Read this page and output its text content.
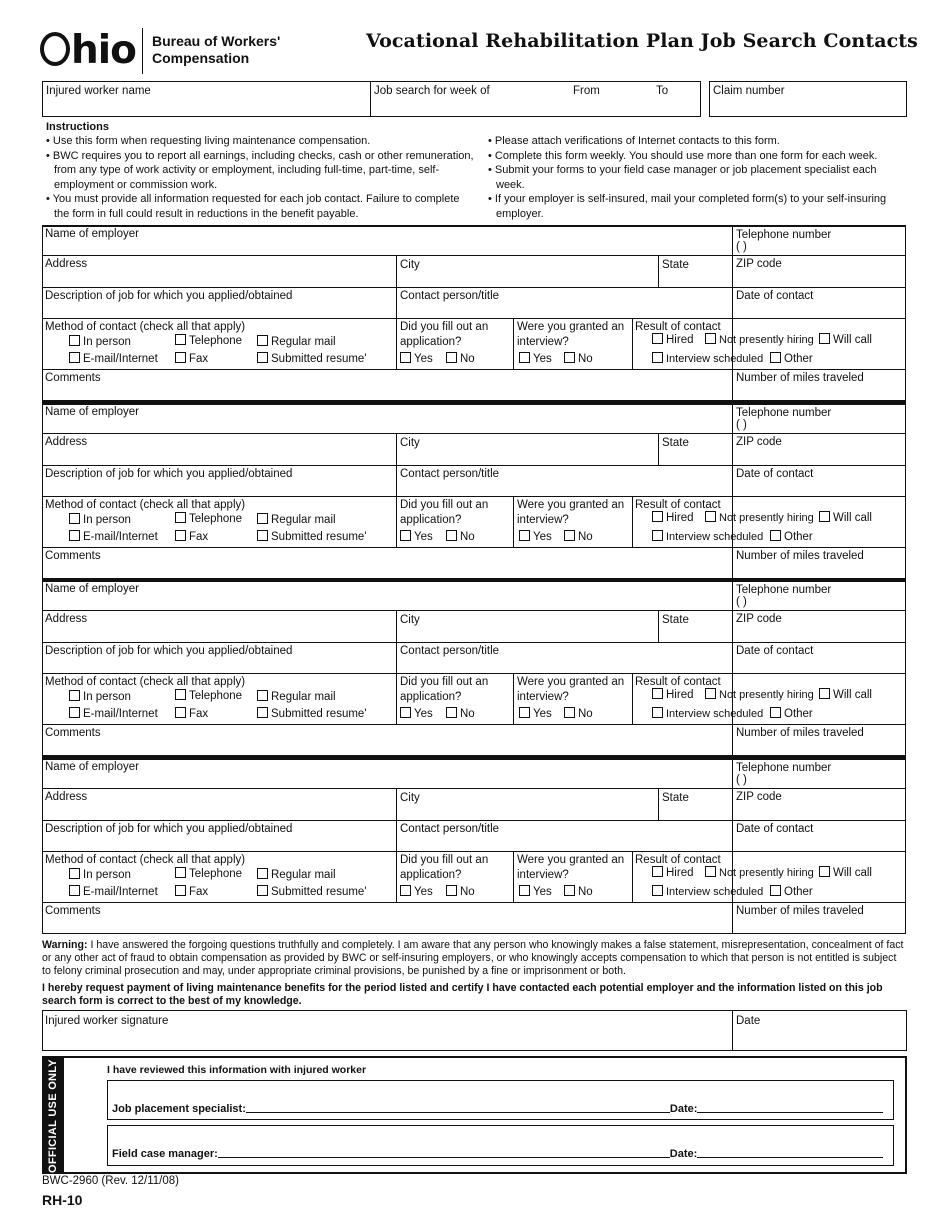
hio Bureau of Workers'
Compensation
Vocational Rehabilitation Plan Job Search Contacts
Injured worker name	Job search for week of	From	To	Claim number
Instructions
• Use this form when requesting living maintenance compensation.
• BWC requires you to report all earnings, including checks, cash or other remuneration, from any type of work activity or employment, including full-time, part-time, self-employment or commission work.
• You must provide all information requested for each job contact. Failure to complete the form in full could result in reductions in the benefit payable.
• Please attach verifications of Internet contacts to this form.
• Complete this form weekly. You should use more than one form for each week.
• Submit your forms to your field case manager or job placement specialist each week.
• If your employer is self-insured, mail your completed form(s) to your self-insuring employer.
Name of employer	Telephone number
( )
Address	City	State	ZIP code
Description of job for which you applied/obtained	Contact person/title	Date of contact
Method of contact (check all that apply)
In person	Telephone	Regular mail
E-mail/Internet	Fax	Submitted resume'
Did you fill out an
application?
Yes	No
Were you granted an
interview?
Yes	No
Result of contact
Hired	Not presently hiring	Will call
Interview scheduled	Other
Comments	Number of miles traveled
Name of employer	Telephone number
( )
Address	City	State	ZIP code
Description of job for which you applied/obtained	Contact person/title	Date of contact
Method of contact (check all that apply)
In person	Telephone	Regular mail
E-mail/Internet	Fax	Submitted resume'
Did you fill out an
application?
Yes	No
Were you granted an
interview?
Yes	No
Result of contact
Hired	Not presently hiring	Will call
Interview scheduled	Other
Comments	Number of miles traveled
Name of employer	Telephone number
( )
Address	City	State	ZIP code
Description of job for which you applied/obtained	Contact person/title	Date of contact
Method of contact (check all that apply)
In person	Telephone	Regular mail
E-mail/Internet	Fax	Submitted resume'
Did you fill out an
application?
Yes	No
Were you granted an
interview?
Yes	No
Result of contact
Hired	Not presently hiring	Will call
Interview scheduled	Other
Comments	Number of miles traveled
Name of employer	Telephone number
( )
Address	City	State	ZIP code
Description of job for which you applied/obtained	Contact person/title	Date of contact
Method of contact (check all that apply)
In person	Telephone	Regular mail
E-mail/Internet	Fax	Submitted resume'
Did you fill out an
application?
Yes	No
Were you granted an
interview?
Yes	No
Result of contact
Hired	Not presently hiring	Will call
Interview scheduled	Other
Comments	Number of miles traveled
Warning: I have answered the forgoing questions truthfully and completely. I am aware that any person who knowingly makes a false statement, misrepresentation, concealment of fact or any other act of fraud to obtain compensation as provided by BWC or self-insuring employers, or who knowingly accepts compensation to which that person is not entitled is subject to felony criminal prosecution and may, under appropriate criminal provisions, be punished by a fine or imprisonment or both.
I hereby request payment of living maintenance benefits for the period listed and certify I have contacted each potential employer and the information listed on this job search form is correct to the best of my knowledge.
Injured worker signature	Date
OFFICIAL USE ONLY	I have reviewed this information with injured worker
Job placement specialist:	Date:
Field case manager:	Date:
BWC-2960 (Rev. 12/11/08)
RH-10
